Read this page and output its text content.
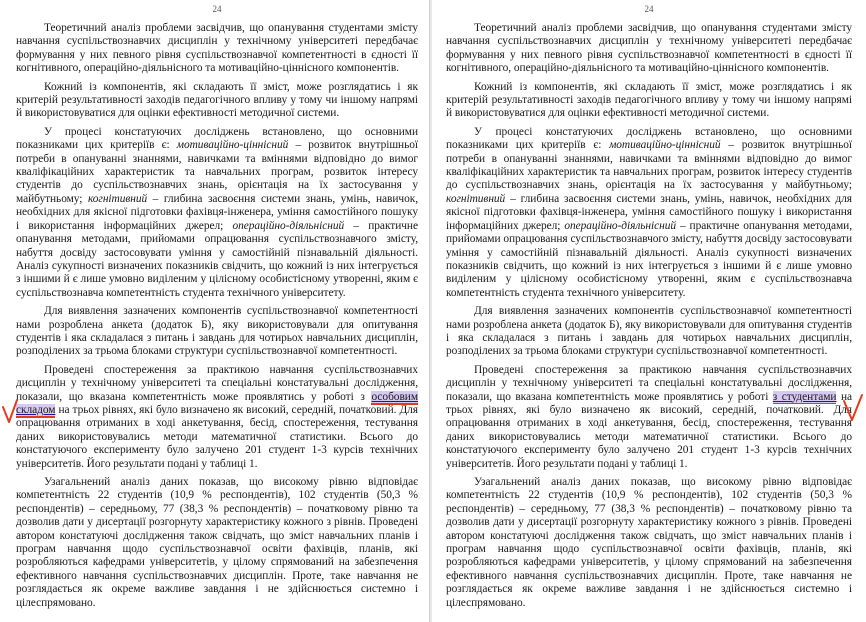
24

Теоретичний аналіз проблеми засвідчив, що опанування студентами змісту навчання суспільствознавчих дисциплін у технічному університеті передбачає формування у них певного рівня суспільствознавчої компетентності в єдності її когнітивного, операційно-діяльнісного та мотиваційно-ціннісного компонентів.

Кожний із компонентів, які складають її зміст, може розглядатись і як критерій результативності заходів педагогічного впливу у тому чи іншому напрямі й використовуватися для оцінки ефективності методичної системи.

У процесі констатуючих досліджень встановлено, що основними показниками цих критеріїв є: мотиваційно-ціннісний – розвиток внутрішньої потреби в опануванні знаннями, навичками та вміннями відповідно до вимог кваліфікаційних характеристик та навчальних програм, розвиток інтересу студентів до суспільствознавчих знань, орієнтація на їх застосування у майбутньому; когнітивний – глибина засвоєння системи знань, умінь, навичок, необхідних для якісної підготовки фахівця-інженера, уміння самостійного пошуку і використання інформаційних джерел; операційно-діяльнісний – практичне опанування методами, прийомами опрацювання суспільствознавчого змісту, набуття досвіду застосовувати уміння у самостійній пізнавальній діяльності. Аналіз сукупності визначених показників свідчить, що кожний із них інтегрується з іншими й є лише умовно виділеним у цілісному особистісному утворенні, яким є суспільствознавча компетентність студента технічного університету.

Для виявлення зазначених компонентів суспільствознавчої компетентності нами розроблена анкета (додаток Б), яку використовували для опитування студентів і яка складалася з питань і завдань для чотирьох навчальних дисциплін, розподілених за трьома блоками структури суспільствознавчої компетентності.

Проведені спостереження за практикою навчання суспільствознавчих дисциплін у технічному університеті та спеціальні констатувальні дослідження, показали, що вказана компетентність може проявлятись у роботі з особовим складом на трьох рівнях, які було визначено як високий, середній, початковий. Для опрацювання отриманих в ході анкетування, бесід, спостереження, тестування даних використовувались методи математичної статистики. Всього до констатуючого експерименту було залучено 201 студент 1-3 курсів технічних університетів. Його результати подані у таблиці 1.

Узагальнений аналіз даних показав, що високому рівню відповідає компетентність 22 студентів (10,9 % респондентів), 102 студентів (50,3 % респондентів) – середньому, 77 (38,3 % респондентів) – початковому рівню та дозволив дати у дисертації розгорнуту характеристику кожного з рівнів. Проведені автором констатуючі дослідження також свідчать, що зміст навчальних планів і програм навчання щодо суспільствознавчої освіти фахівців, планів, які розробляються кафедрами університетів, у цілому спрямований на забезпечення ефективного навчання суспільствознавчих дисциплін. Проте, таке навчання не розглядається як окреме важливе завдання і не здійснюється системно і цілеспрямовано.

24

Теоретичний аналіз проблеми засвідчив, що опанування студентами змісту навчання суспільствознавчих дисциплін у технічному університеті передбачає формування у них певного рівня суспільствознавчої компетентності в єдності її когнітивного, операційно-діяльнісного та мотиваційно-ціннісного компонентів.

Кожний із компонентів, які складають її зміст, може розглядатись і як критерій результативності заходів педагогічного впливу у тому чи іншому напрямі й використовуватися для оцінки ефективності методичної системи.

У процесі констатуючих досліджень встановлено, що основними показниками цих критеріїв є: мотиваційно-ціннісний – розвиток внутрішньої потреби в опануванні знаннями, навичками та вміннями відповідно до вимог кваліфікаційних характеристик та навчальних програм, розвиток інтересу студентів до суспільствознавчих знань, орієнтація на їх застосування у майбутньому; когнітивний – глибина засвоєння системи знань, умінь, навичок, необхідних для якісної підготовки фахівця-інженера, уміння самостійного пошуку і використання інформаційних джерел; операційно-діяльнісний – практичне опанування методами, прийомами опрацювання суспільствознавчого змісту, набуття досвіду застосовувати уміння у самостійній пізнавальній діяльності. Аналіз сукупності визначених показників свідчить, що кожний із них інтегрується з іншими й є лише умовно виділеним у цілісному особистісному утворенні, яким є суспільствознавча компетентність студента технічного університету.

Для виявлення зазначених компонентів суспільствознавчої компетентності нами розроблена анкета (додаток Б), яку використовували для опитування студентів і яка складалася з питань і завдань для чотирьох навчальних дисциплін, розподілених за трьома блоками структури суспільствознавчої компетентності.

Проведені спостереження за практикою навчання суспільствознавчих дисциплін у технічному університеті та спеціальні констатувальні дослідження, показали, що вказана компетентність може проявлятись у роботі з студентами на трьох рівнях, які було визначено як високий, середній, початковий. Для опрацювання отриманих в ході анкетування, бесід, спостереження, тестування даних використовувались методи математичної статистики. Всього до констатуючого експерименту було залучено 201 студент 1-3 курсів технічних університетів. Його результати подані у таблиці 1.

Узагальнений аналіз даних показав, що високому рівню відповідає компетентність 22 студентів (10,9 % респондентів), 102 студентів (50,3 % респондентів) – середньому, 77 (38,3 % респондентів) – початковому рівню та дозволив дати у дисертації розгорнуту характеристику кожного з рівнів. Проведені автором констатуючі дослідження також свідчать, що зміст навчальних планів і програм навчання щодо суспільствознавчої освіти фахівців, планів, які розробляються кафедрами університетів, у цілому спрямований на забезпечення ефективного навчання суспільствознавчих дисциплін. Проте, таке навчання не розглядається як окреме важливе завдання і не здійснюється системно і цілеспрямовано.
